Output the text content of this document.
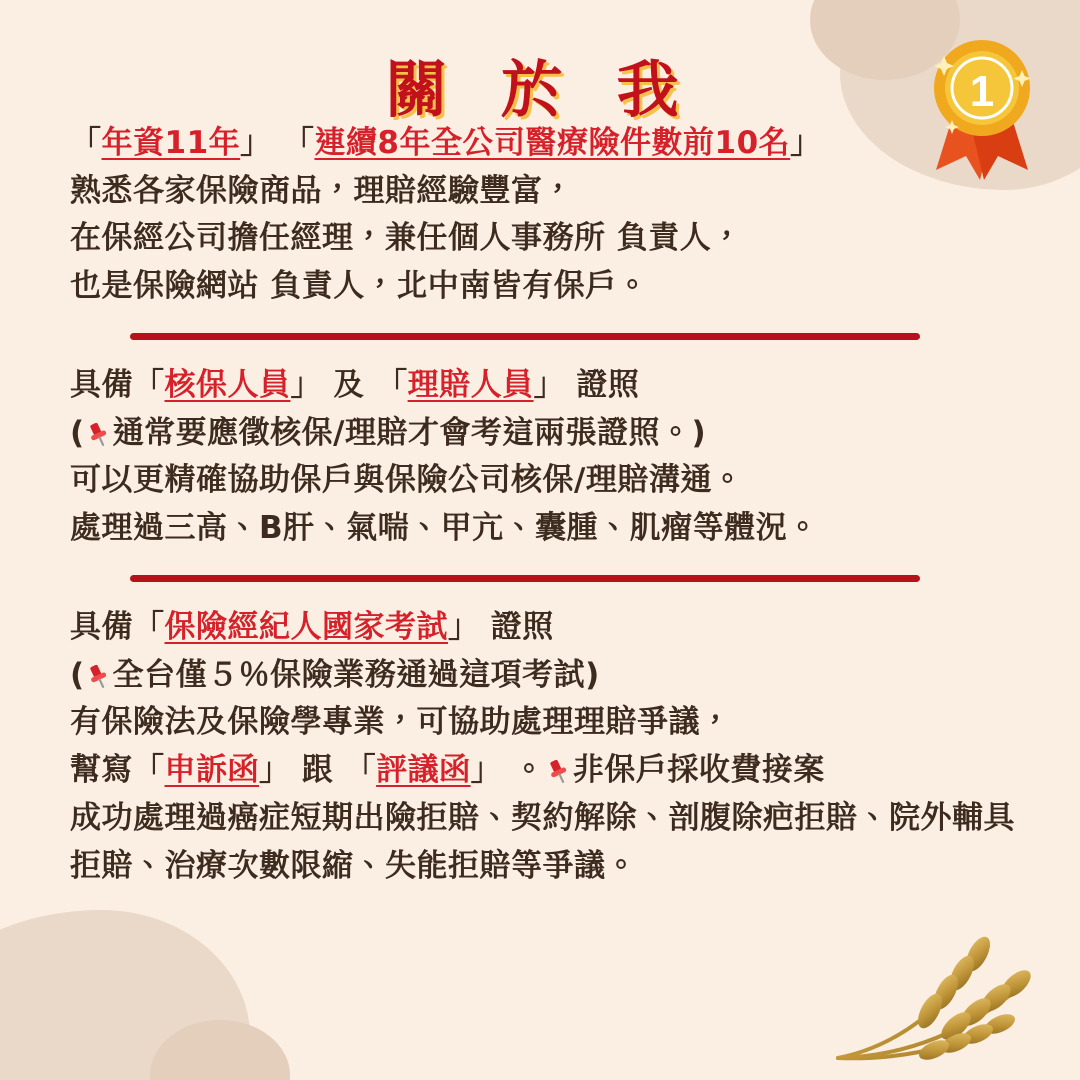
1
關 於 我
「年資11年」 「連續8年全公司醫療險件數前10名」
熟悉各家保險商品，理賠經驗豐富，
在保經公司擔任經理，兼任個人事務所 負責人，
也是保險網站 負責人，北中南皆有保戶。
具備「核保人員」 及 「理賠人員」 證照
( 通常要應徵核保/理賠才會考這兩張證照。)
可以更精確協助保戶與保險公司核保/理賠溝通。
處理過三高、B肝、氣喘、甲亢、囊腫、肌瘤等體況。
具備「保險經紀人國家考試」 證照
( 全台僅５％保險業務通過這項考試)
有保險法及保險學專業，可協助處理理賠爭議，
幫寫「申訴函」 跟 「評議函」 。 非保戶採收費接案
成功處理過癌症短期出險拒賠、契約解除、剖腹除疤拒賠、院外輔具拒賠、治療次數限縮、失能拒賠等爭議。
